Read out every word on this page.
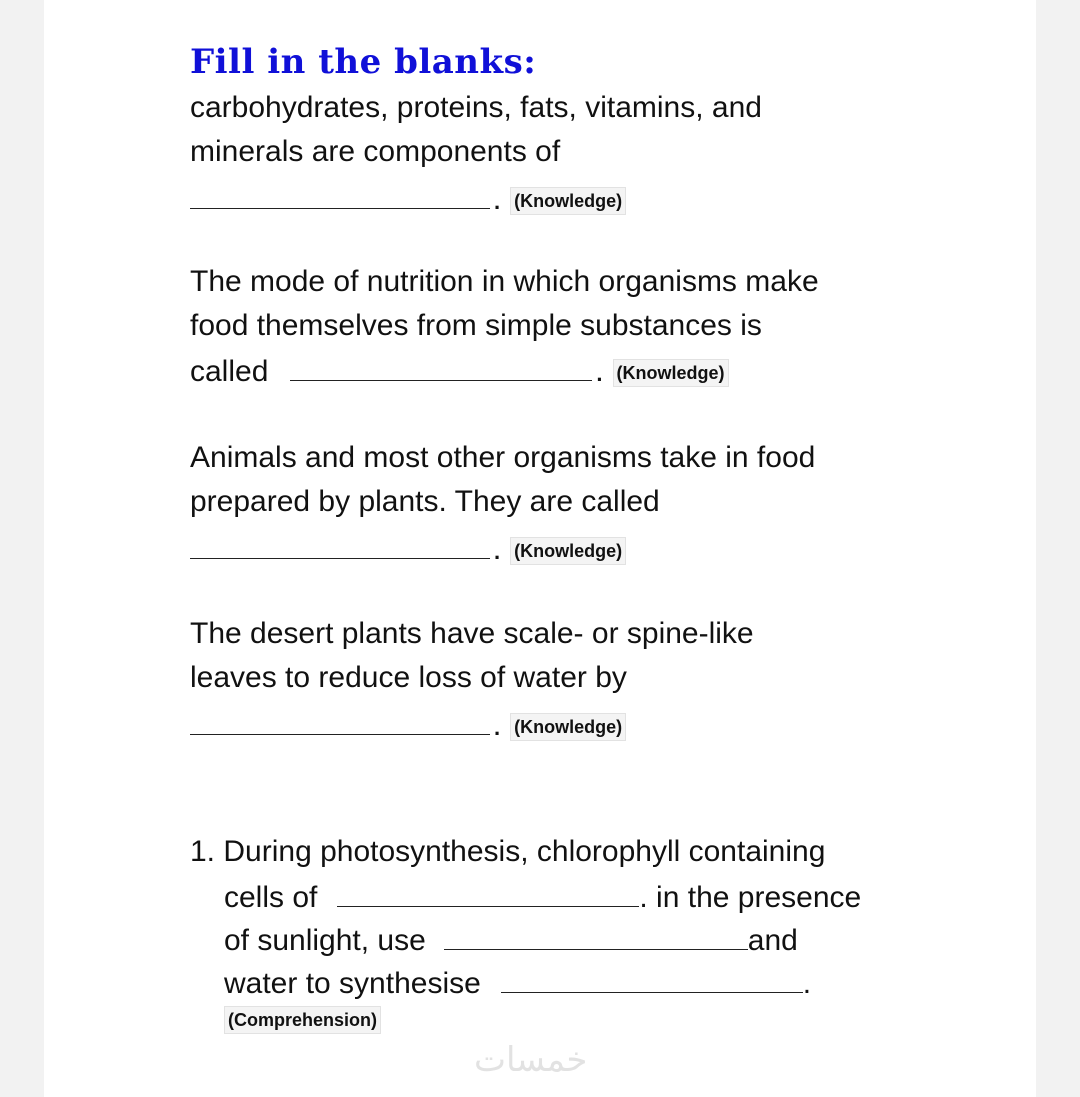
Fill in the blanks:
carbohydrates, proteins, fats, vitamins, and
minerals are components of
. (Knowledge)
The mode of nutrition in which organisms make
food themselves from simple substances is
called	. (Knowledge)
Animals and most other organisms take in food
prepared by plants. They are called
. (Knowledge)
The desert plants have scale- or spine-like
leaves to reduce loss of water by
. (Knowledge)
1. During photosynthesis, chlorophyll containing
cells of	. in the presence
of sunlight, use	and
water to synthesise	.
(Comprehension)
خمسات
